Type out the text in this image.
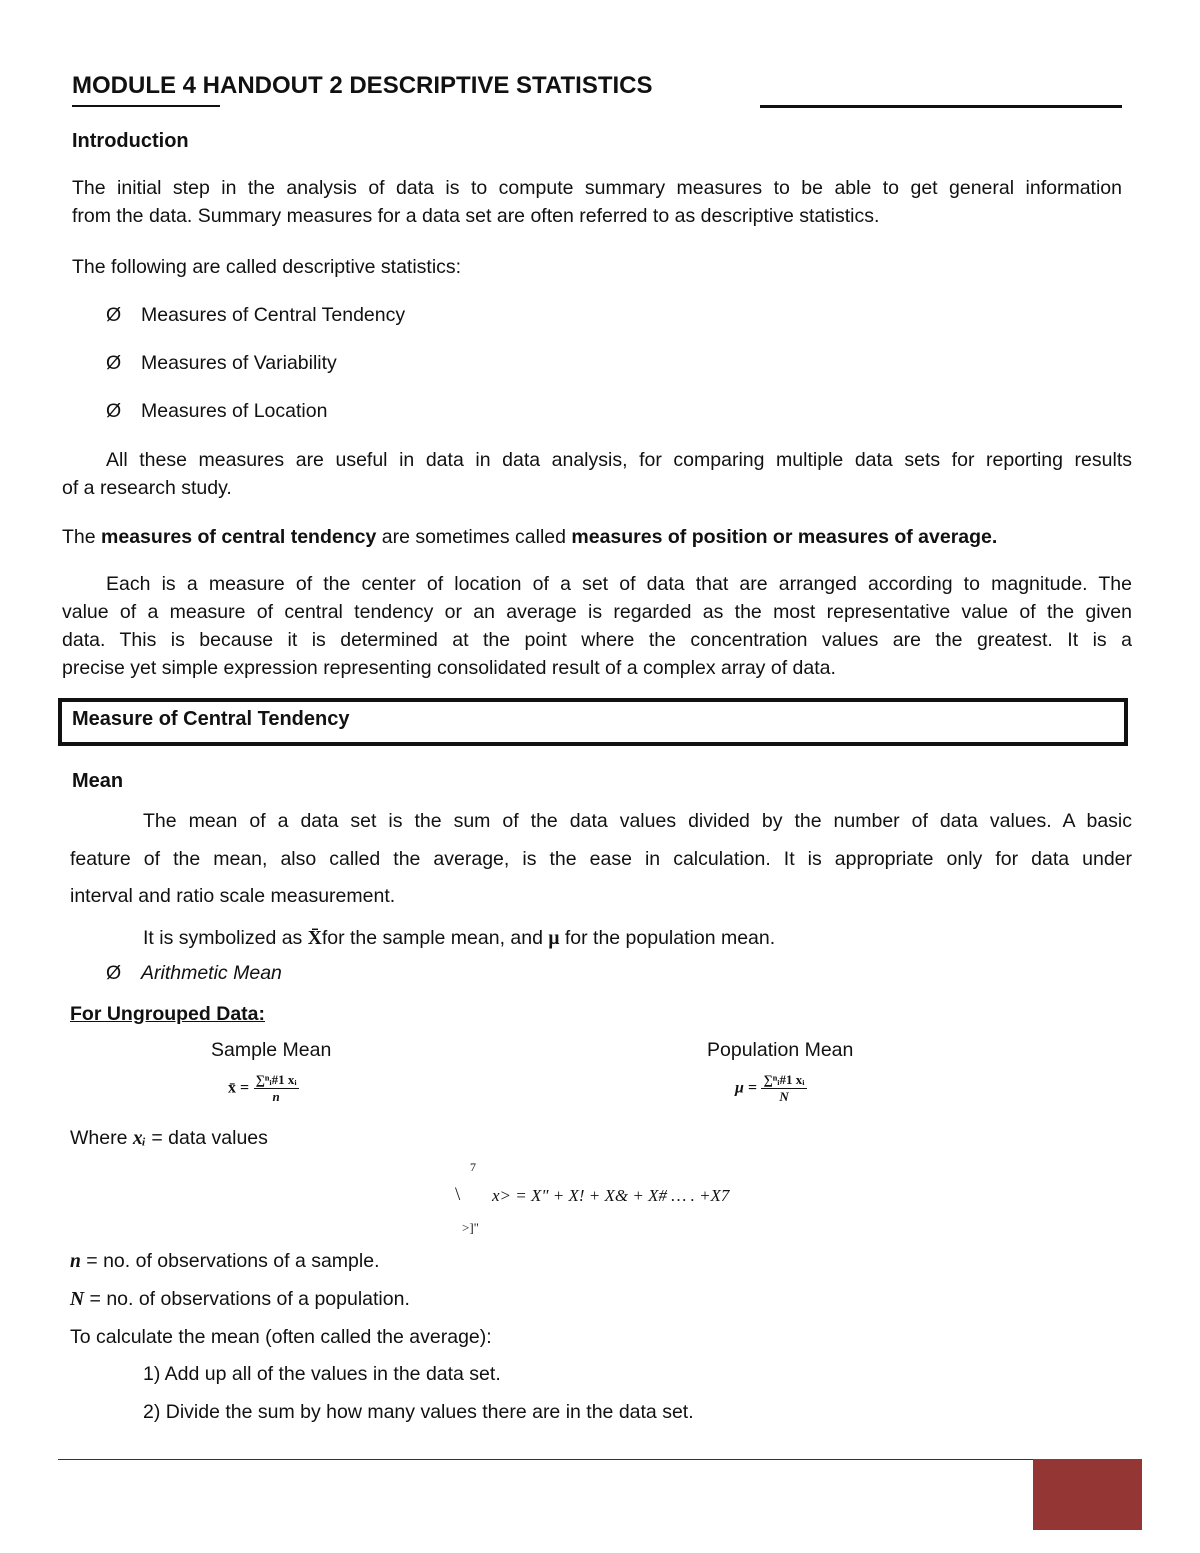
MODULE 4 HANDOUT 2 DESCRIPTIVE STATISTICS
Introduction
The initial step in the analysis of data is to compute summary measures to be able to get general information
from the data. Summary measures for a data set are often referred to as descriptive statistics.
The following are called descriptive statistics:
Ø Measures of Central Tendency
Ø Measures of Variability
Ø Measures of Location
All these measures are useful in data in data analysis, for comparing multiple data sets for reporting results
of a research study.
The measures of central tendency are sometimes called measures of position or measures of average.
Each is a measure of the center of location of a set of data that are arranged according to magnitude. The
value of a measure of central tendency or an average is regarded as the most representative value of the given
data. This is because it is determined at the point where the concentration values are the greatest. It is a
precise yet simple expression representing consolidated result of a complex array of data.
Measure of Central Tendency
Mean
The mean of a data set is the sum of the data values divided by the number of data values. A basic
feature of the mean, also called the average, is the ease in calculation. It is appropriate only for data under
interval and ratio scale measurement.
It is symbolized as X̄for the sample mean, and μ for the population mean.
Ø Arithmetic Mean
For Ungrouped Data:
Sample Mean	Population Mean
x̄ = $\frac{\text{∑ⁿᵢ\#1 xᵢ}}{n}$	$\mu = \frac{\text{∑ⁿᵢ\#1 xᵢ}}{N}$
Where xᵢ = data values
7
\ x> = X" + X! + X& + X# … . +X7
>]"
n = no. of observations of a sample.
N = no. of observations of a population.
To calculate the mean (often called the average):
1) Add up all of the values in the data set.
2) Divide the sum by how many values there are in the data set.
